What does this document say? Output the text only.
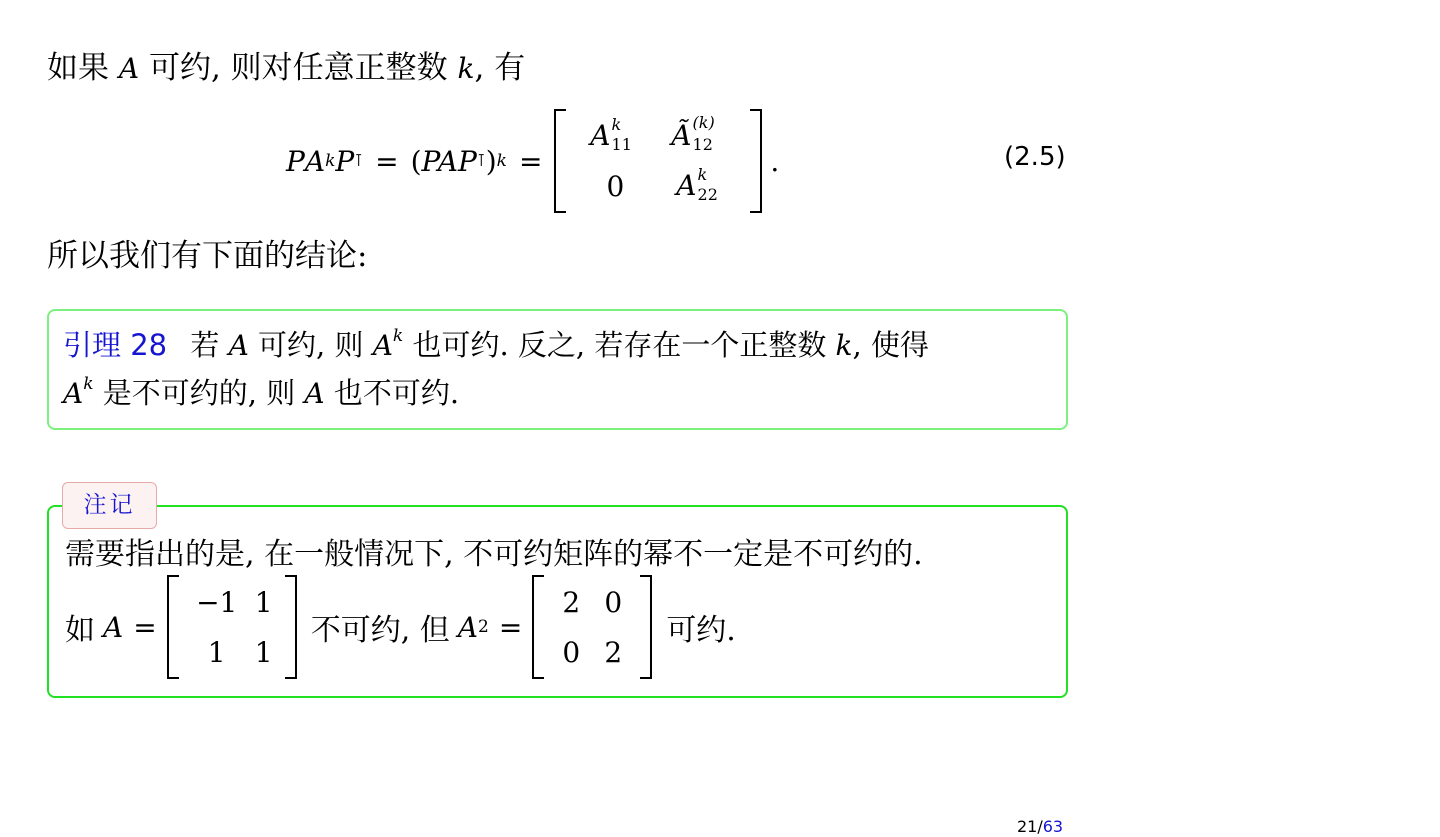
如果 A 可约, 则对任意正整数 k, 有
P A k P ⊺ = ( PAP ⊺ ) k =
A k
11 Ã (k)
12
0 A k
22
.	(2.5)
所以我们有下面的结论:
引理 28 若 A 可约, 则 $A^k$ 也可约. 反之, 若存在一个正整数 k, 使得
$A^k$ 是不可约的, 则 A 也不可约.
需要指出的是, 在一般情况下, 不可约矩阵的幂不一定是不可约的.
如 A =
−1 1
1 1
不可约, 但 A 2 =
2 0
0 2
可约.
注记
21/63
